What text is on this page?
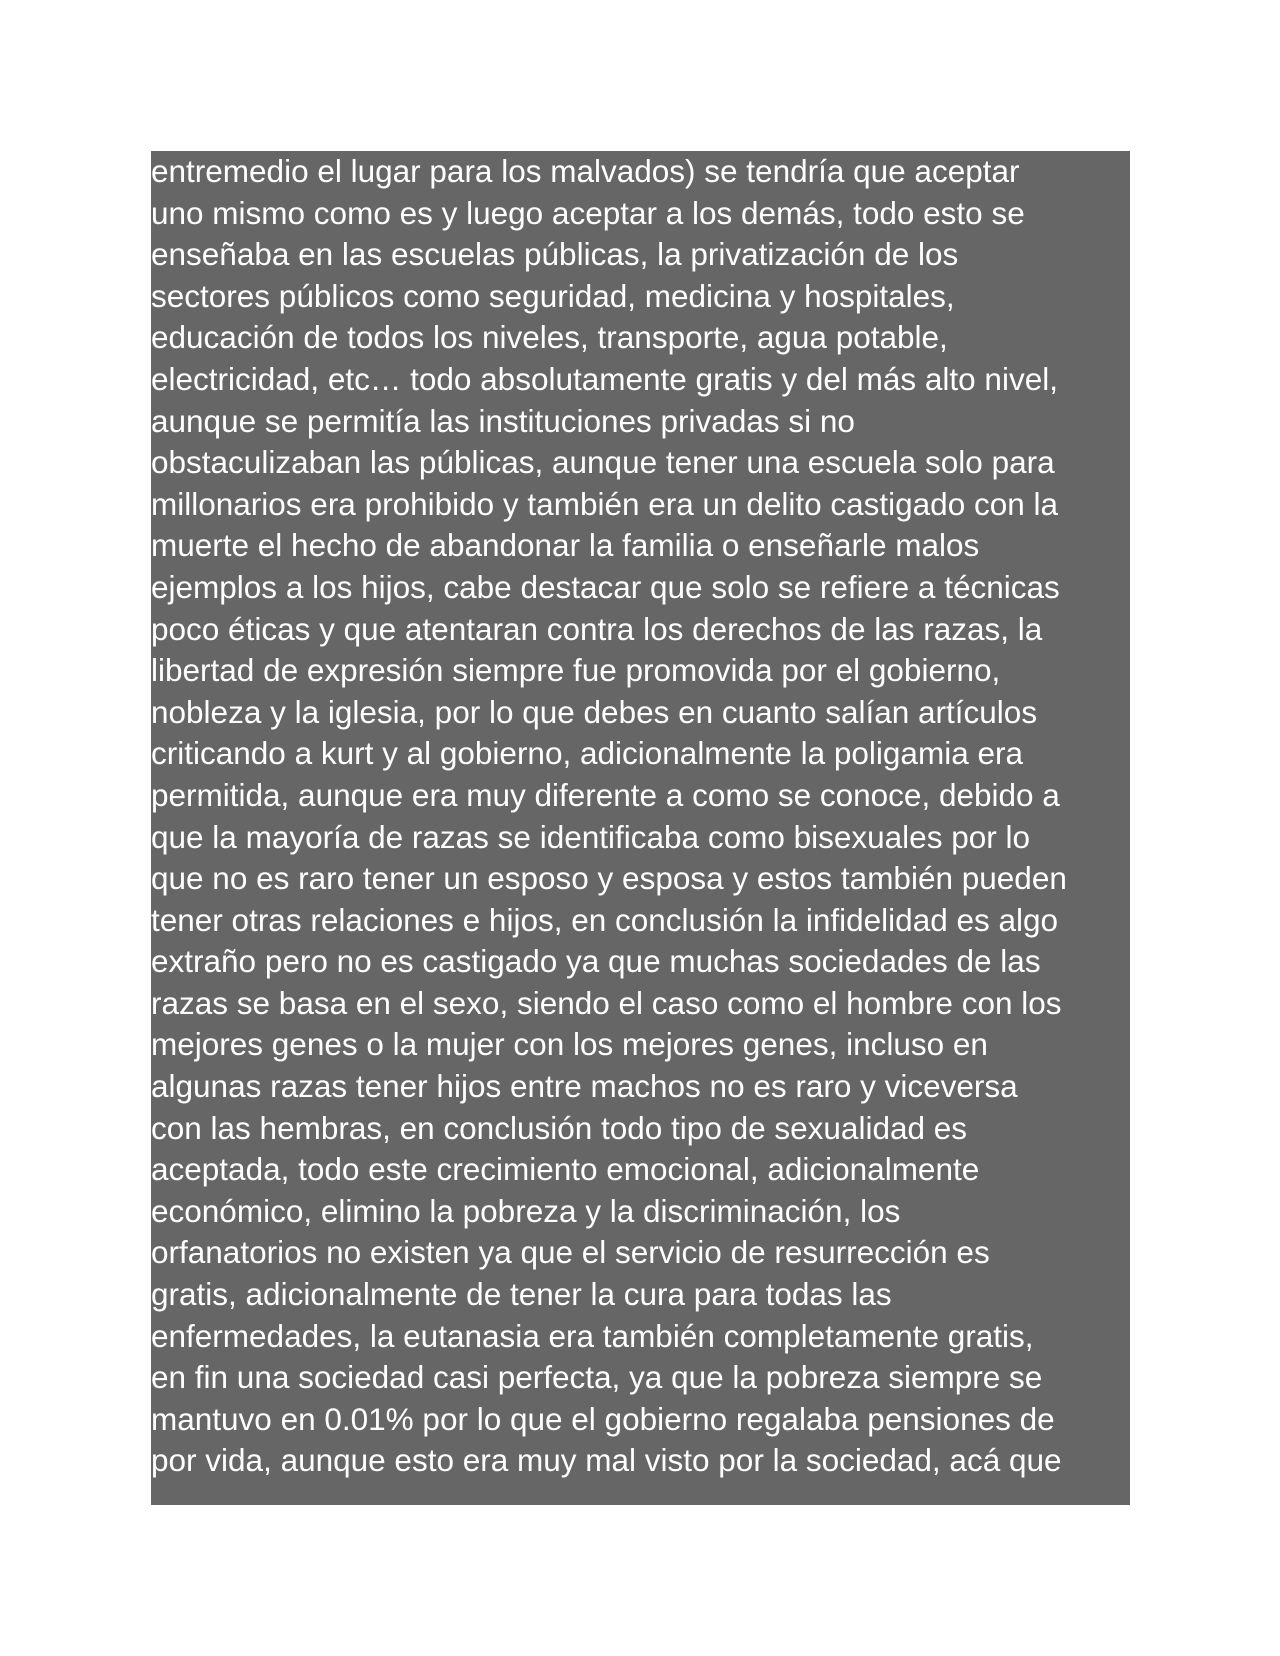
entremedio el lugar para los malvados) se tendría que aceptar
uno mismo como es y luego aceptar a los demás, todo esto se
enseñaba en las escuelas públicas, la privatización de los
sectores públicos como seguridad, medicina y hospitales,
educación de todos los niveles, transporte, agua potable,
electricidad, etc… todo absolutamente gratis y del más alto nivel,
aunque se permitía las instituciones privadas si no
obstaculizaban las públicas, aunque tener una escuela solo para
millonarios era prohibido y también era un delito castigado con la
muerte el hecho de abandonar la familia o enseñarle malos
ejemplos a los hijos, cabe destacar que solo se refiere a técnicas
poco éticas y que atentaran contra los derechos de las razas, la
libertad de expresión siempre fue promovida por el gobierno,
nobleza y la iglesia, por lo que debes en cuanto salían artículos
criticando a kurt y al gobierno, adicionalmente la poligamia era
permitida, aunque era muy diferente a como se conoce, debido a
que la mayoría de razas se identificaba como bisexuales por lo
que no es raro tener un esposo y esposa y estos también pueden
tener otras relaciones e hijos, en conclusión la infidelidad es algo
extraño pero no es castigado ya que muchas sociedades de las
razas se basa en el sexo, siendo el caso como el hombre con los
mejores genes o la mujer con los mejores genes, incluso en
algunas razas tener hijos entre machos no es raro y viceversa
con las hembras, en conclusión todo tipo de sexualidad es
aceptada, todo este crecimiento emocional, adicionalmente
económico, elimino la pobreza y la discriminación, los
orfanatorios no existen ya que el servicio de resurrección es
gratis, adicionalmente de tener la cura para todas las
enfermedades, la eutanasia era también completamente gratis,
en fin una sociedad casi perfecta, ya que la pobreza siempre se
mantuvo en 0.01% por lo que el gobierno regalaba pensiones de
por vida, aunque esto era muy mal visto por la sociedad, acá que
